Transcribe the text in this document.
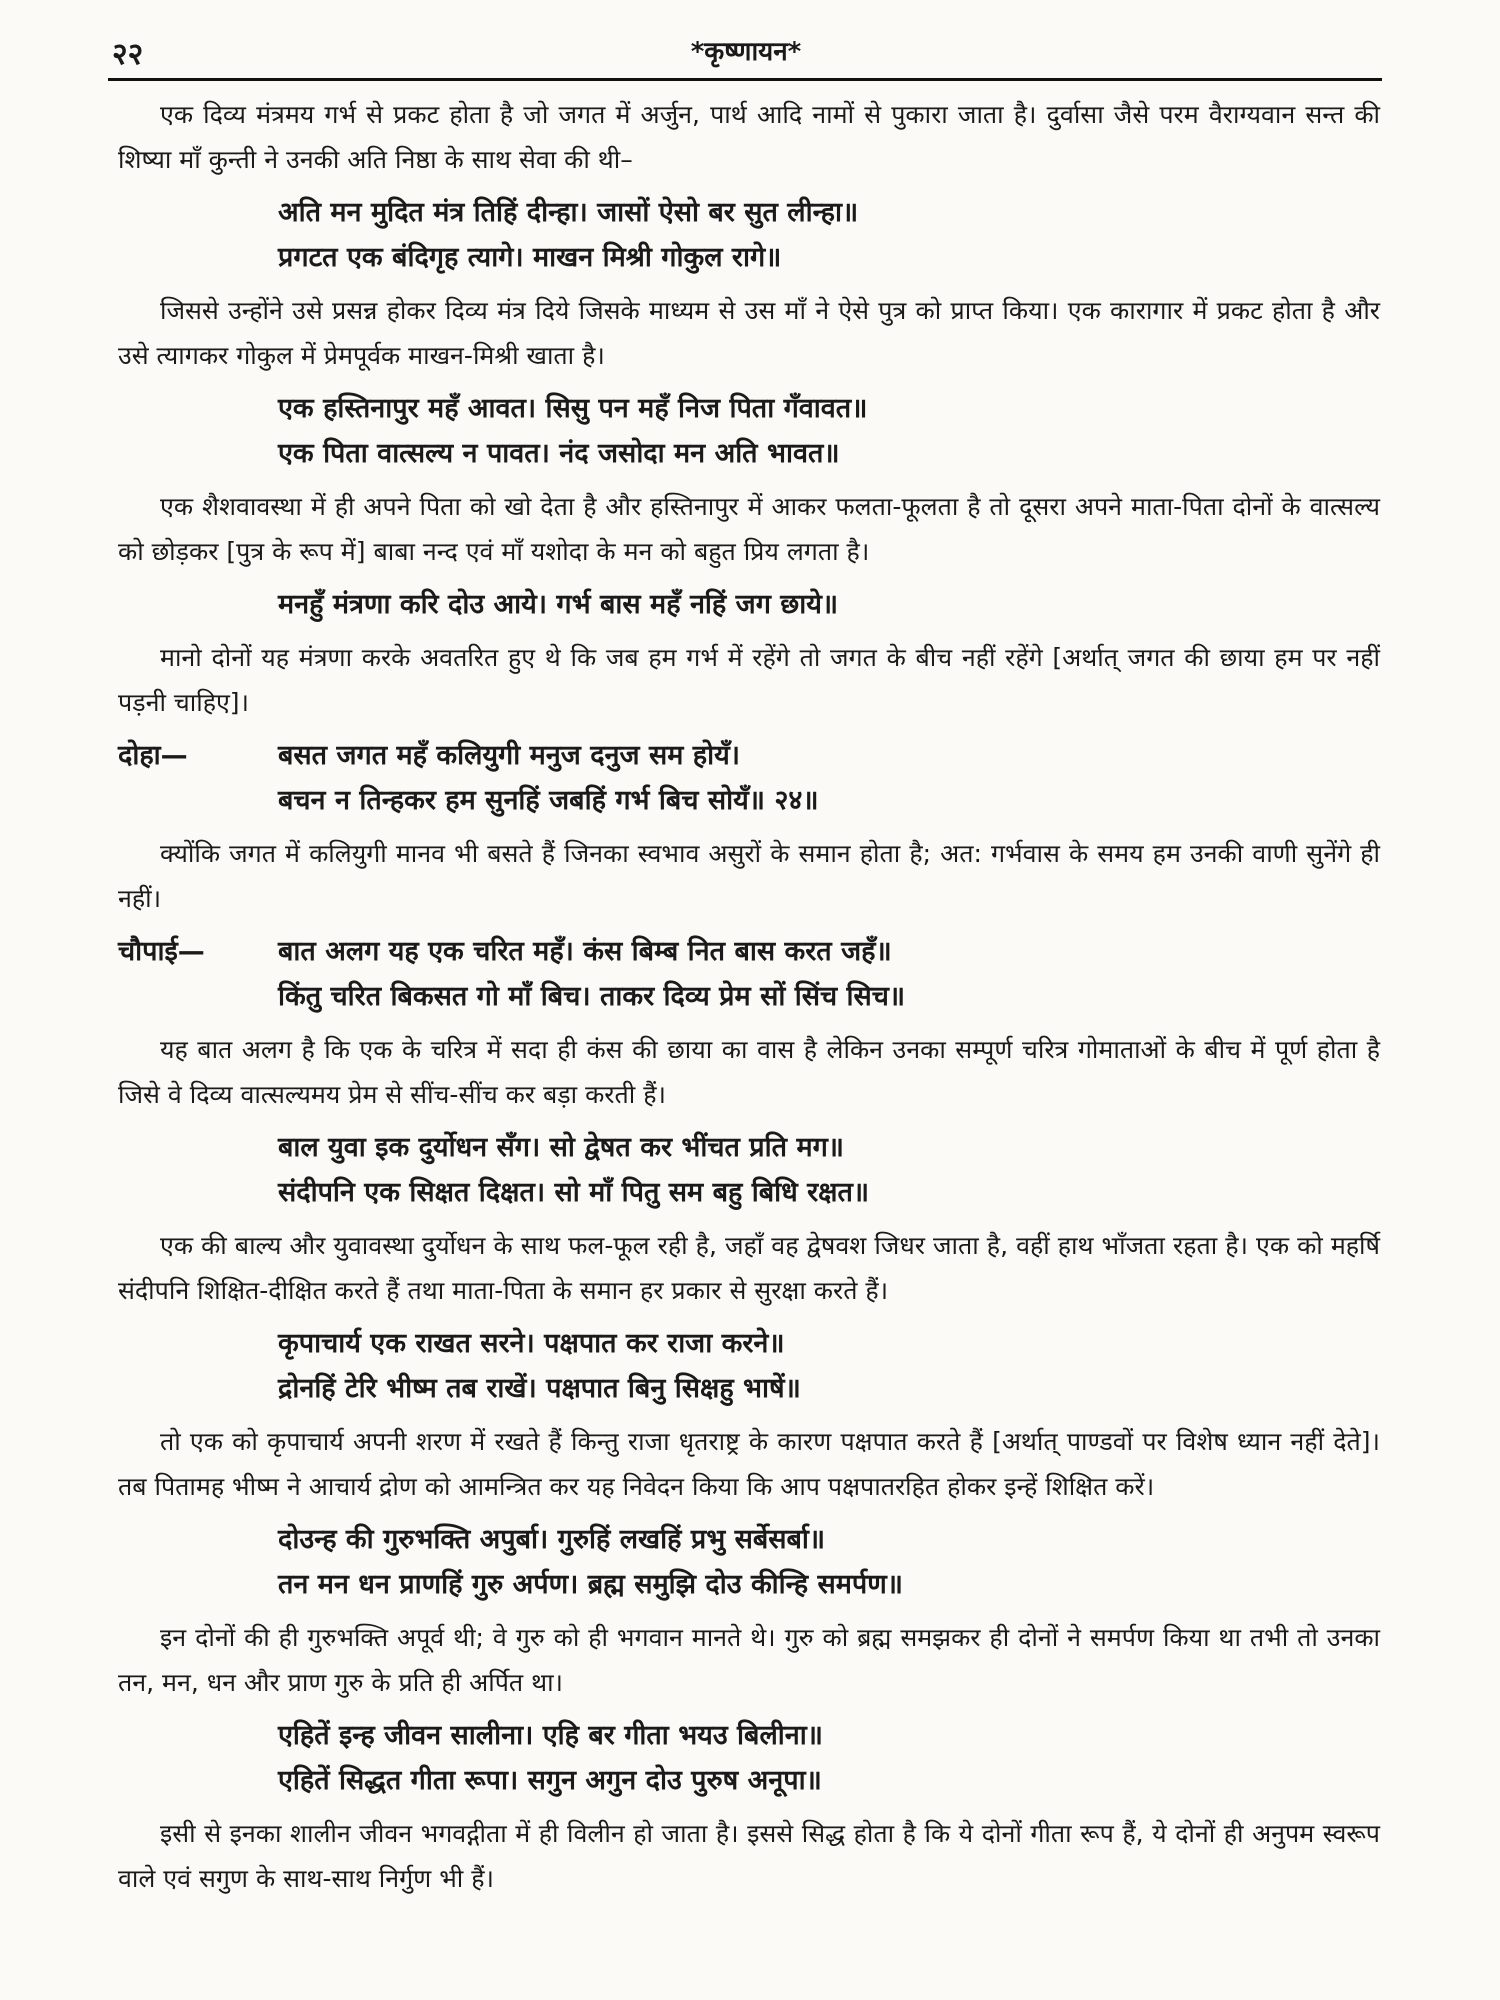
२२	*कृष्णायन*

एक दिव्य मंत्रमय गर्भ से प्रकट होता है जो जगत में अर्जुन, पार्थ आदि नामों से पुकारा जाता है। दुर्वासा जैसे परम वैराग्यवान सन्त की शिष्या माँ कुन्ती ने उनकी अति निष्ठा के साथ सेवा की थी–

अति मन मुदित मंत्र तिहिं दीन्हा। जासों ऐसो बर सुत लीन्हा॥
प्रगटत एक बंदिगृह त्यागे। माखन मिश्री गोकुल रागे॥

जिससे उन्होंने उसे प्रसन्न होकर दिव्य मंत्र दिये जिसके माध्यम से उस माँ ने ऐसे पुत्र को प्राप्त किया। एक कारागार में प्रकट होता है और उसे त्यागकर गोकुल में प्रेमपूर्वक माखन-मिश्री खाता है।

एक हस्तिनापुर महँ आवत। सिसु पन महँ निज पिता गँवावत॥
एक पिता वात्सल्य न पावत। नंद जसोदा मन अति भावत॥

एक शैशवावस्था में ही अपने पिता को खो देता है और हस्तिनापुर में आकर फलता-फूलता है तो दूसरा अपने माता-पिता दोनों के वात्सल्य को छोड़कर [पुत्र के रूप में] बाबा नन्द एवं माँ यशोदा के मन को बहुत प्रिय लगता है।

मनहुँ मंत्रणा करि दोउ आये। गर्भ बास महँ नहिं जग छाये॥

मानो दोनों यह मंत्रणा करके अवतरित हुए थे कि जब हम गर्भ में रहेंगे तो जगत के बीच नहीं रहेंगे [अर्थात् जगत की छाया हम पर नहीं पड़नी चाहिए]।

दोहा—	बसत जगत महँ कलियुगी मनुज दनुज सम होयँ।
बचन न तिन्हकर हम सुनहिं जबहिं गर्भ बिच सोयँ॥ २४॥

क्योंकि जगत में कलियुगी मानव भी बसते हैं जिनका स्वभाव असुरों के समान होता है; अत: गर्भवास के समय हम उनकी वाणी सुनेंगे ही नहीं।

चौपाई—	बात अलग यह एक चरित महँ। कंस बिम्ब नित बास करत जहँ॥
किंतु चरित बिकसत गो माँ बिच। ताकर दिव्य प्रेम सों सिंच सिच॥

यह बात अलग है कि एक के चरित्र में सदा ही कंस की छाया का वास है लेकिन उनका सम्पूर्ण चरित्र गोमाताओं के बीच में पूर्ण होता है जिसे वे दिव्य वात्सल्यमय प्रेम से सींच-सींच कर बड़ा करती हैं।

बाल युवा इक दुर्योधन सँग। सो द्वेषत कर भींचत प्रति मग॥
संदीपनि एक सिक्षत दिक्षत। सो माँ पितु सम बहु बिधि रक्षत॥

एक की बाल्य और युवावस्था दुर्योधन के साथ फल-फूल रही है, जहाँ वह द्वेषवश जिधर जाता है, वहीं हाथ भाँजता रहता है। एक को महर्षि संदीपनि शिक्षित-दीक्षित करते हैं तथा माता-पिता के समान हर प्रकार से सुरक्षा करते हैं।

कृपाचार्य एक राखत सरने। पक्षपात कर राजा करने॥
द्रोनहिं टेरि भीष्म तब राखें। पक्षपात बिनु सिक्षहु भाषें॥

तो एक को कृपाचार्य अपनी शरण में रखते हैं किन्तु राजा धृतराष्ट्र के कारण पक्षपात करते हैं [अर्थात् पाण्डवों पर विशेष ध्यान नहीं देते]। तब पितामह भीष्म ने आचार्य द्रोण को आमन्त्रित कर यह निवेदन किया कि आप पक्षपातरहित होकर इन्हें शिक्षित करें।

दोउन्ह की गुरुभक्ति अपुर्बा। गुरुहिं लखहिं प्रभु सर्बेसर्बा॥
तन मन धन प्राणहिं गुरु अर्पण। ब्रह्म समुझि दोउ कीन्हि समर्पण॥

इन दोनों की ही गुरुभक्ति अपूर्व थी; वे गुरु को ही भगवान मानते थे। गुरु को ब्रह्म समझकर ही दोनों ने समर्पण किया था तभी तो उनका तन, मन, धन और प्राण गुरु के प्रति ही अर्पित था।

एहितें इन्ह जीवन सालीना। एहि बर गीता भयउ बिलीना॥
एहितें सिद्धत गीता रूपा। सगुन अगुन दोउ पुरुष अनूपा॥

इसी से इनका शालीन जीवन भगवद्गीता में ही विलीन हो जाता है। इससे सिद्ध होता है कि ये दोनों गीता रूप हैं, ये दोनों ही अनुपम स्वरूप वाले एवं सगुण के साथ-साथ निर्गुण भी हैं।
